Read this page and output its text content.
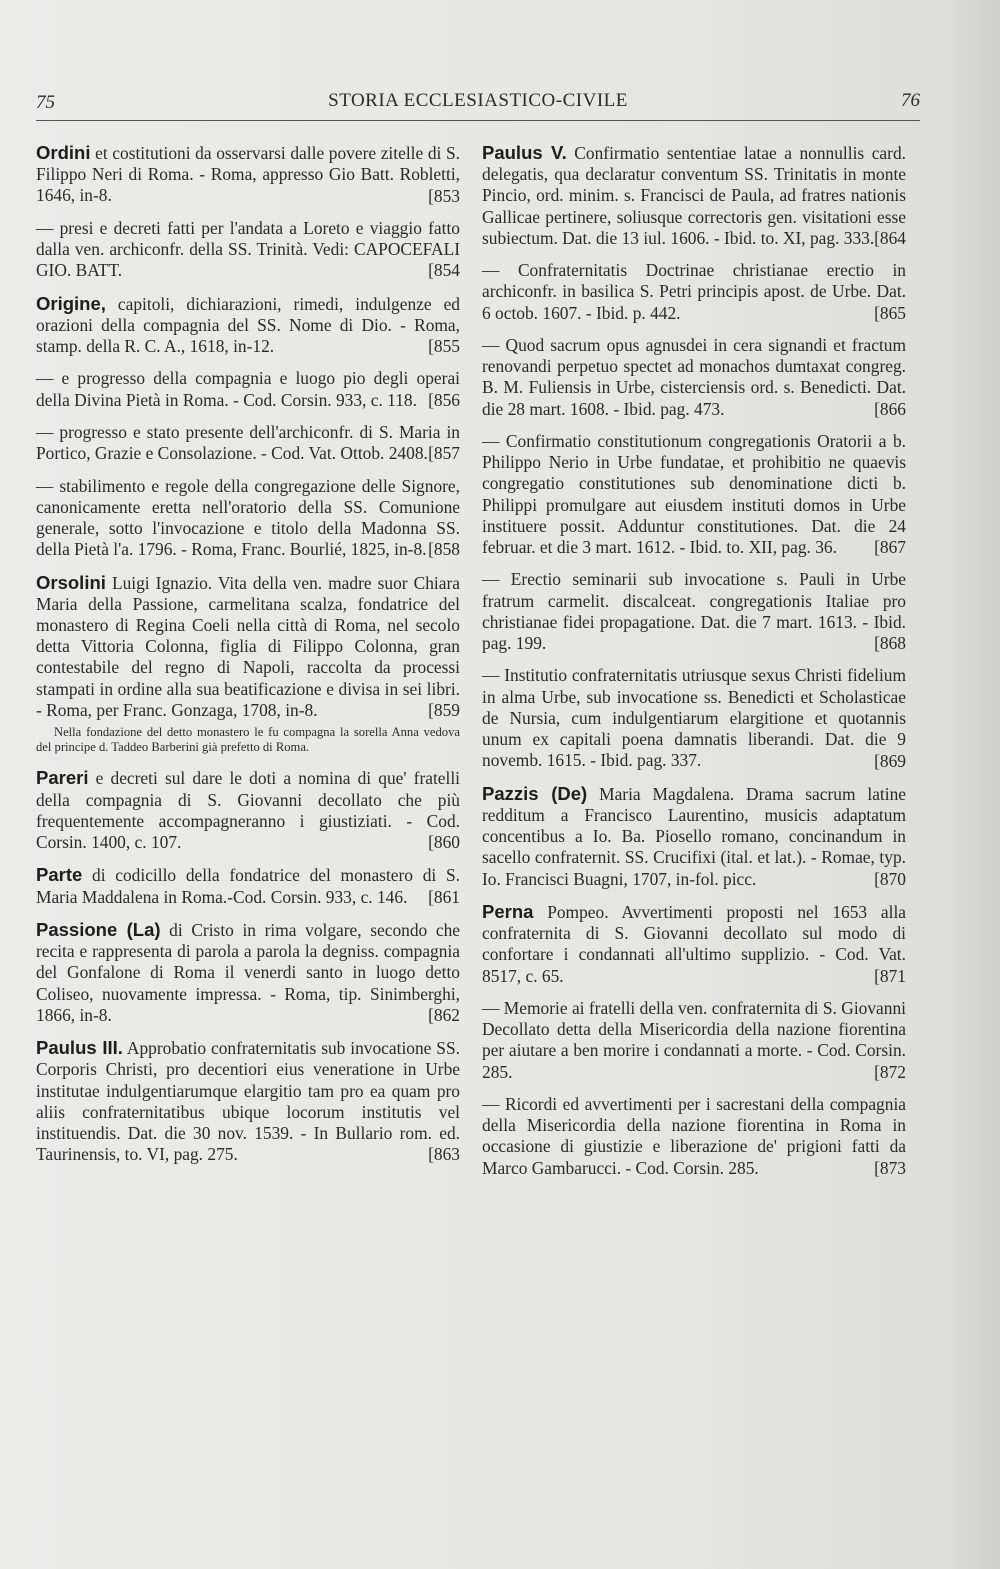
75	STORIA ECCLESIASTICO-CIVILE	76
Ordini et costitutioni da osservarsi dalle povere zitelle di S. Filippo Neri di Roma. - Roma, appresso Gio Batt. Robletti, 1646, in-8.	[853
— presi e decreti fatti per l'andata a Loreto e viaggio fatto dalla ven. archiconfr. della SS. Trinità. Vedi: CAPOCEFALI GIO. BATT.	[854
Origine, capitoli, dichiarazioni, rimedi, indulgenze ed orazioni della compagnia del SS. Nome di Dio. - Roma, stamp. della R. C. A., 1618, in-12.	[855
— e progresso della compagnia e luogo pio degli operai della Divina Pietà in Roma. - Cod. Corsin. 933, c. 118. [856
— progresso e stato presente dell'archiconfr. di S. Maria in Portico, Grazie e Consolazione. - Cod. Vat. Ottob. 2408. [857
— stabilimento e regole della congregazione delle Signore, canonicamente eretta nell'oratorio della SS. Comunione generale, sotto l'invocazione e titolo della Madonna SS. della Pietà l'a. 1796. - Roma, Franc. Bourlié, 1825, in-8. [858
Orsolini Luigi Ignazio. Vita della ven. madre suor Chiara Maria della Passione, carmelitana scalza, fondatrice del monastero di Regina Coeli nella città di Roma, nel secolo detta Vittoria Colonna, figlia di Filippo Colonna, gran contestabile del regno di Napoli, raccolta da processi stampati in ordine alla sua beatificazione e divisa in sei libri. - Roma, per Franc. Gonzaga, 1708, in-8.	[859
Nella fondazione del detto monastero le fu compagna la sorella Anna vedova del principe d. Taddeo Barberini già prefetto di Roma.
Pareri e decreti sul dare le doti a nomina di que' fratelli della compagnia di S. Giovanni decollato che più frequentemente accompagneranno i giustiziati. - Cod. Corsin. 1400, c. 107.	[860
Parte di codicillo della fondatrice del monastero di S. Maria Maddalena in Roma.-Cod. Corsin. 933, c. 146.	[861
Passione (La) di Cristo in rima volgare, secondo che recita e rappresenta di parola a parola la degniss. compagnia del Gonfalone di Roma il venerdi santo in luogo detto Coliseo, nuovamente impressa. - Roma, tip. Sinimberghi, 1866, in-8.	[862
Paulus III. Approbatio confraternitatis sub invocatione SS. Corporis Christi, pro decentiori eius veneratione in Urbe institutae indulgentiarumque elargitio tam pro ea quam pro aliis confraternitatibus ubique locorum institutis vel instituendis. Dat. die 30 nov. 1539. - In Bullario rom. ed. Taurinensis, to. VI, pag. 275.	[863
Paulus V. Confirmatio sententiae latae a nonnullis card. delegatis, qua declaratur conventum SS. Trinitatis in monte Pincio, ord. minim. s. Francisci de Paula, ad fratres nationis Gallicae pertinere, soliusque correctoris gen. visitationi esse subiectum. Dat. die 13 iul. 1606. - Ibid. to. XI, pag. 333. [864
— Confraternitatis Doctrinae christianae erectio in archiconfr. in basilica S. Petri principis apost. de Urbe. Dat. 6 octob. 1607. - Ibid. p. 442.	[865
— Quod sacrum opus agnusdei in cera signandi et fractum renovandi perpetuo spectet ad monachos dumtaxat congreg. B. M. Fuliensis in Urbe, cisterciensis ord. s. Benedicti. Dat. die 28 mart. 1608. - Ibid. pag. 473.	[866
— Confirmatio constitutionum congregationis Oratorii a b. Philippo Nerio in Urbe fundatae, et prohibitio ne quaevis congregatio constitutiones sub denominatione dicti b. Philippi promulgare aut eiusdem instituti domos in Urbe instituere possit. Adduntur constitutiones. Dat. die 24 februar. et die 3 mart. 1612. - Ibid. to. XII, pag. 36.	[867
— Erectio seminarii sub invocatione s. Pauli in Urbe fratrum carmelit. discalceat. congregationis Italiae pro christianae fidei propagatione. Dat. die 7 mart. 1613. - Ibid. pag. 199.	[868
— Institutio confraternitatis utriusque sexus Christi fidelium in alma Urbe, sub invocatione ss. Benedicti et Scholasticae de Nursia, cum indulgentiarum elargitione et quotannis unum ex capitali poena damnatis liberandi. Dat. die 9 novemb. 1615. - Ibid. pag. 337.	[869
Pazzis (De) Maria Magdalena. Drama sacrum latine redditum a Francisco Laurentino, musicis adaptatum concentibus a Io. Ba. Piosello romano, concinandum in sacello confraternit. SS. Crucifixi (ital. et lat.). - Romae, typ. Io. Francisci Buagni, 1707, in-fol. picc.	[870
Perna Pompeo. Avvertimenti proposti nel 1653 alla confraternita di S. Giovanni decollato sul modo di confortare i condannati all'ultimo supplizio. - Cod. Vat. 8517, c. 65.	[871
— Memorie ai fratelli della ven. confraternita di S. Giovanni Decollato detta della Misericordia della nazione fiorentina per aiutare a ben morire i condannati a morte. - Cod. Corsin. 285.	[872
— Ricordi ed avvertimenti per i sacrestani della compagnia della Misericordia della nazione fiorentina in Roma in occasione di giustizie e liberazione de' prigioni fatti da Marco Gambarucci. - Cod. Corsin. 285.	[873
